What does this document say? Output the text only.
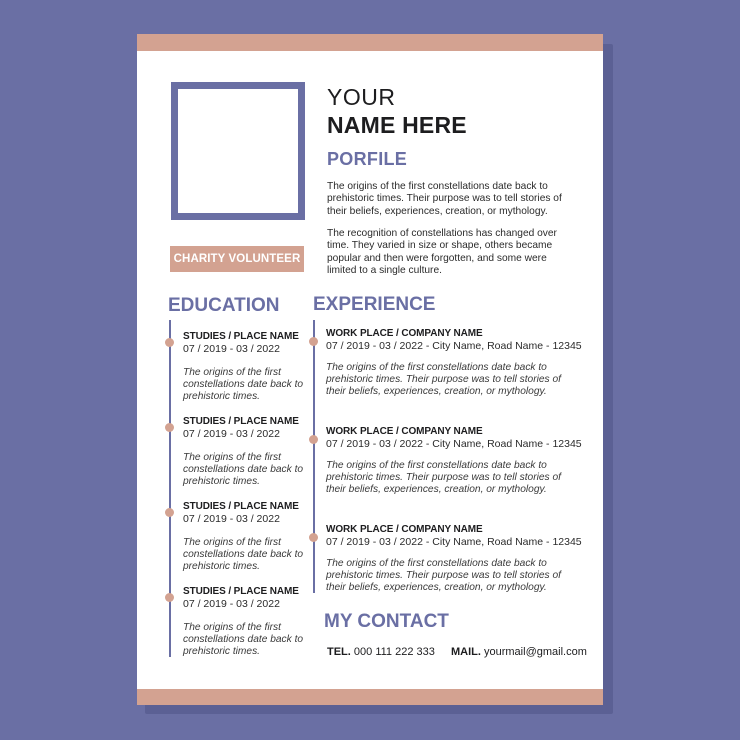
CHARITY VOLUNTEER
YOUR
NAME HERE
PORFILE
The origins of the first constellations date back to prehistoric times. Their purpose was to tell stories of their beliefs, experiences, creation, or mythology.
The recognition of constellations has changed over time. They varied in size or shape, others became popular and then were forgotten, and some were limited to a single culture.
EDUCATION
STUDIES / PLACE NAME
07 / 2019 - 03 / 2022
The origins of the first constellations date back to prehistoric times.
STUDIES / PLACE NAME
07 / 2019 - 03 / 2022
The origins of the first constellations date back to prehistoric times.
STUDIES / PLACE NAME
07 / 2019 - 03 / 2022
The origins of the first constellations date back to prehistoric times.
STUDIES / PLACE NAME
07 / 2019 - 03 / 2022
The origins of the first constellations date back to prehistoric times.
EXPERIENCE
WORK PLACE / COMPANY NAME
07 / 2019 - 03 / 2022 - City Name, Road Name - 12345
The origins of the first constellations date back to prehistoric times. Their purpose was to tell stories of their beliefs, experiences, creation, or mythology.
WORK PLACE / COMPANY NAME
07 / 2019 - 03 / 2022 - City Name, Road Name - 12345
The origins of the first constellations date back to prehistoric times. Their purpose was to tell stories of their beliefs, experiences, creation, or mythology.
WORK PLACE / COMPANY NAME
07 / 2019 - 03 / 2022 - City Name, Road Name - 12345
The origins of the first constellations date back to prehistoric times. Their purpose was to tell stories of their beliefs, experiences, creation, or mythology.
MY CONTACT
TEL. 000 111 222 333 MAIL. yourmail@gmail.com
